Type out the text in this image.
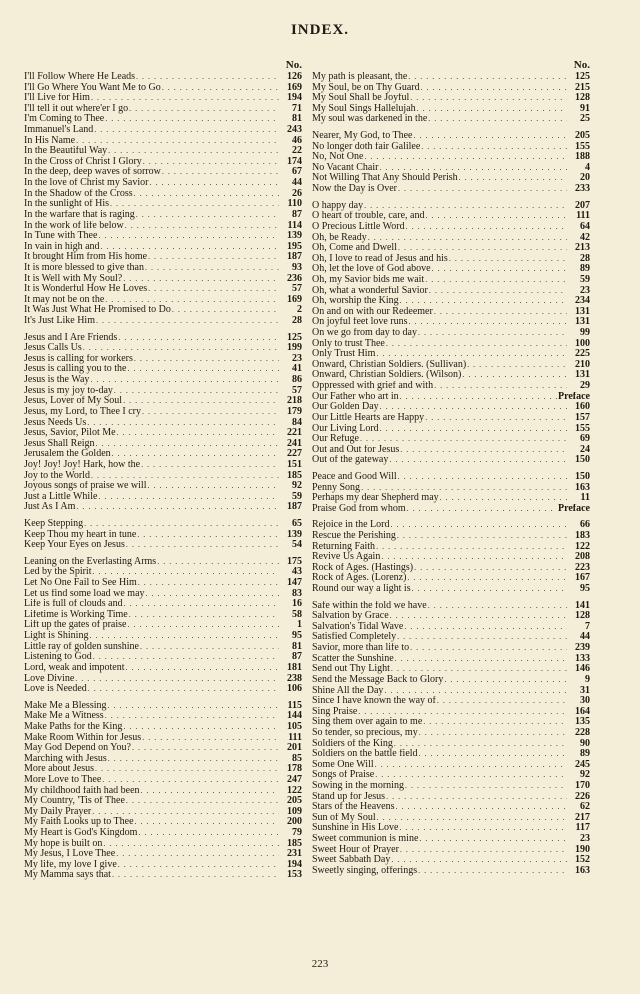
INDEX.
No.
I'll Follow Where He Leads . . .	126
I'll Go Where You Want Me to Go . . .	169
I'll Live for Him . . .	194
I'll tell it out where'er I go . . .	71
I'm Coming to Thee . . .	81
Immanuel's Land . . .	243
In His Name . . .	46
In the Beautiful Way . . .	22
In the Cross of Christ I Glory . . .	174
In the deep, deep waves of sorrow . . .	67
In the love of Christ my Savior . . .	44
In the Shadow of the Cross . . .	26
In the sunlight of His . . .	110
In the warfare that is raging . . .	87
In the work of life below . . .	114
In Tune with Thee . . .	139
In vain in high and . . .	195
It brought Him from His home . . .	187
It is more blessed to give than . . .	93
It is Well with My Soul? . . .	236
It is Wonderful How He Loves . . .	57
It may not be on the . . .	169
It Was Just What He Promised to Do . . .	2
It's Just Like Him . . .	28
Jesus and I Are Friends . . .	125
Jesus Calls Us . . .	199
Jesus is calling for workers . . .	23
Jesus is calling you to the . . .	41
Jesus is the Way . . .	86
Jesus is my joy to-day . . .	57
Jesus, Lover of My Soul . . .	218
Jesus, my Lord, to Thee I cry . . .	179
Jesus Needs Us . . .	84
Jesus, Savior, Pilot Me . . .	221
Jesus Shall Reign . . .	241
Jerusalem the Golden . . .	227
Joy! Joy! Joy! Hark, how the . . .	151
Joy to the World . . .	185
Joyous songs of praise we will . . .	92
Just a Little While . . .	59
Just As I Am . . .	187
Keep Stepping . . .	65
Keep Thou my heart in tune . . .	139
Keep Your Eyes on Jesus . . .	54
Leaning on the Everlasting Arms . . .	175
Led by the Spirit . . .	43
Let No One Fail to See Him . . .	147
Let us find some load we may . . .	83
Life is full of clouds and . . .	16
Lifetime is Working Time . . .	58
Lift up the gates of praise . . .	1
Light is Shining . . .	95
Little ray of golden sunshine . . .	81
Listening to God . . .	87
Lord, weak and impotent . . .	181
Love Divine . . .	238
Love is Needed . . .	106
Make Me a Blessing . . .	115
Make Me a Witness . . .	144
Make Paths for the King . . .	105
Make Room Within for Jesus . . .	111
May God Depend on You? . . .	201
Marching with Jesus . . .	85
More about Jesus . . .	178
More Love to Thee . . .	247
My childhood faith had been . . .	122
My Country, 'Tis of Thee . . .	205
My Daily Prayer . . .	109
My Faith Looks up to Thee . . .	200
My Heart is God's Kingdom . . .	79
My hope is built on . . .	185
My Jesus, I Love Thee . . .	231
My life, my love I give . . .	194
My Mamma says that . . .	153
No.
My path is pleasant, the . . .	125
My Soul, be on Thy Guard . . .	215
My Soul Shall be Joyful . . .	128
My Soul Sings Hallelujah . . .	91
My soul was darkened in the . . .	25
Nearer, My God, to Thee . . .	205
No longer doth fair Galilee . . .	155
No, Not One . . .	188
No Vacant Chair . . .	4
Not Willing That Any Should Perish . . .	20
Now the Day is Over . . .	233
O happy day . . .	207
O heart of trouble, care, and . . .	111
O Precious Little Word . . .	64
Oh, be Ready . . .	42
Oh, Come and Dwell . . .	213
Oh, I love to read of Jesus and his . . .	28
Oh, let the love of God above . . .	89
Oh, my Savior bids me wait . . .	59
Oh, what a wonderful Savior . . .	23
Oh, worship the King . . .	234
On and on with our Redeemer . . .	131
On joyful feet love runs . . .	131
On we go from day to day . . .	99
Only to trust Thee . . .	100
Only Trust Him . . .	225
Onward, Christian Soldiers. (Sullivan) . . .	210
Onward, Christian Soldiers. (Wilson) . . .	131
Oppressed with grief and with . . .	29
Our Father who art in . . .	Preface
Our Golden Day . . .	160
Our Little Hearts are Happy . . .	157
Our Living Lord . . .	155
Our Refuge . . .	69
Out and Out for Jesus . . .	24
Out of the gateway . . .	150
Peace and Good Will . . .	150
Penny Song . . .	163
Perhaps my dear Shepherd may . . .	11
Praise God from whom . . .	Preface
Rejoice in the Lord . . .	66
Rescue the Perishing . . .	183
Returning Faith . . .	122
Revive Us Again . . .	208
Rock of Ages. (Hastings) . . .	223
Rock of Ages. (Lorenz) . . .	167
Round our way a light is . . .	95
Safe within the fold we have . . .	141
Salvation by Grace . . .	128
Salvation's Tidal Wave . . .	7
Satisfied Completely . . .	44
Savior, more than life to . . .	239
Scatter the Sunshine . . .	133
Send out Thy Light . . .	146
Send the Message Back to Glory . . .	9
Shine All the Day . . .	31
Since I have known the way of . . .	30
Sing Praise . . .	164
Sing them over again to me . . .	135
So tender, so precious, my . . .	228
Soldiers of the King . . .	90
Soldiers on the battle field . . .	89
Some One Will . . .	245
Songs of Praise . . .	92
Sowing in the morning . . .	170
Stand up for Jesus . . .	226
Stars of the Heavens . . .	62
Sun of My Soul . . .	217
Sunshine in His Love . . .	117
Sweet communion is mine . . .	23
Sweet Hour of Prayer . . .	190
Sweet Sabbath Day . . .	152
Sweetly singing, offerings . . .	163
223
